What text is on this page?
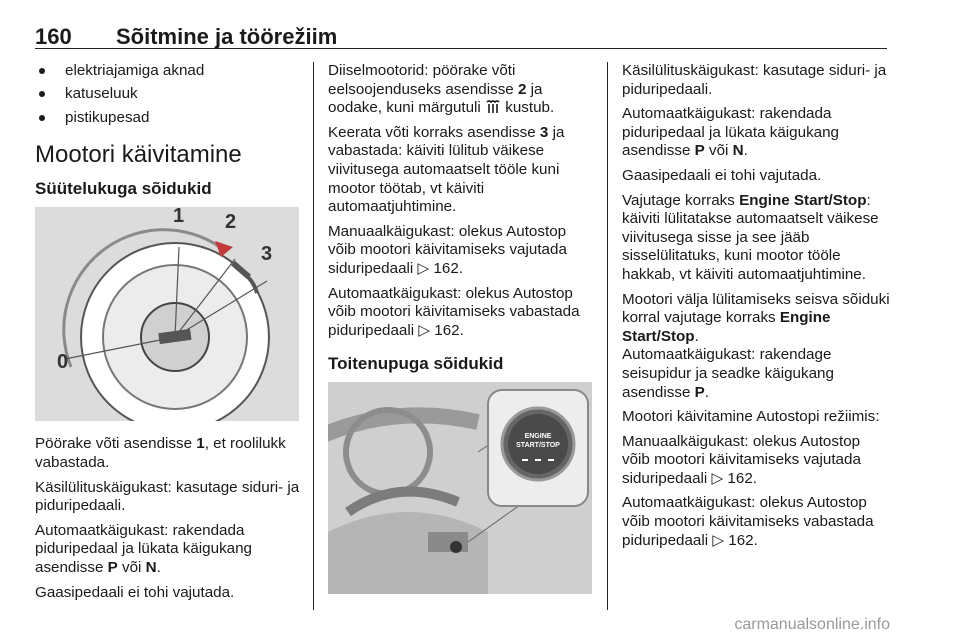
160 Sõitmine ja töörežiim
elektriajamiga aknad
katuseluuk
pistikupesad
Mootori käivitamine
Süütelukuga sõidukid
1 2
3
0

Pöörake võti asendisse 1, et roolilukk vabastada.

Käsilülituskäigukast: kasutage siduri- ja piduripedaali.

Automaatkäigukast: rakendada piduripedaal ja lükata käigukang asendisse P või N.

Gaasipedaali ei tohi vajutada.

Diiselmootorid: pöörake võti eelsoojenduseks asendisse 2 ja oodake, kuni märgutuli  kustub.

Keerata võti korraks asendisse 3 ja vabastada: käiviti lülitub väikese viivitusega automaatselt tööle kuni mootor töötab, vt käiviti automaatjuhtimine.

Manuaalkäigukast: olekus Autostop võib mootori käivitamiseks vajutada siduripedaali ▷ 162.

Automaatkäigukast: olekus Autostop võib mootori käivitamiseks vabastada piduripedaali ▷ 162.

Toitenupuga sõidukid
ENGINE
START/STOP

Käsilülituskäigukast: kasutage siduri- ja piduripedaali.

Automaatkäigukast: rakendada piduripedaal ja lükata käigukang asendisse P või N.

Gaasipedaali ei tohi vajutada.

Vajutage korraks Engine Start/Stop: käiviti lülitatakse automaatselt väikese viivitusega sisse ja see jääb sisselülitatuks, kuni mootor tööle hakkab, vt käiviti automaatjuhtimine.

Mootori välja lülitamiseks seisva sõiduki korral vajutage korraks Engine Start/Stop.
Automaatkäigukast: rakendage seisupidur ja seadke käigukang asendisse P.

Mootori käivitamine Autostopi režiimis:

Manuaalkäigukast: olekus Autostop võib mootori käivitamiseks vajutada siduripedaali ▷ 162.

Automaatkäigukast: olekus Autostop võib mootori käivitamiseks vabastada piduripedaali ▷ 162.

carmanualsonline.info
